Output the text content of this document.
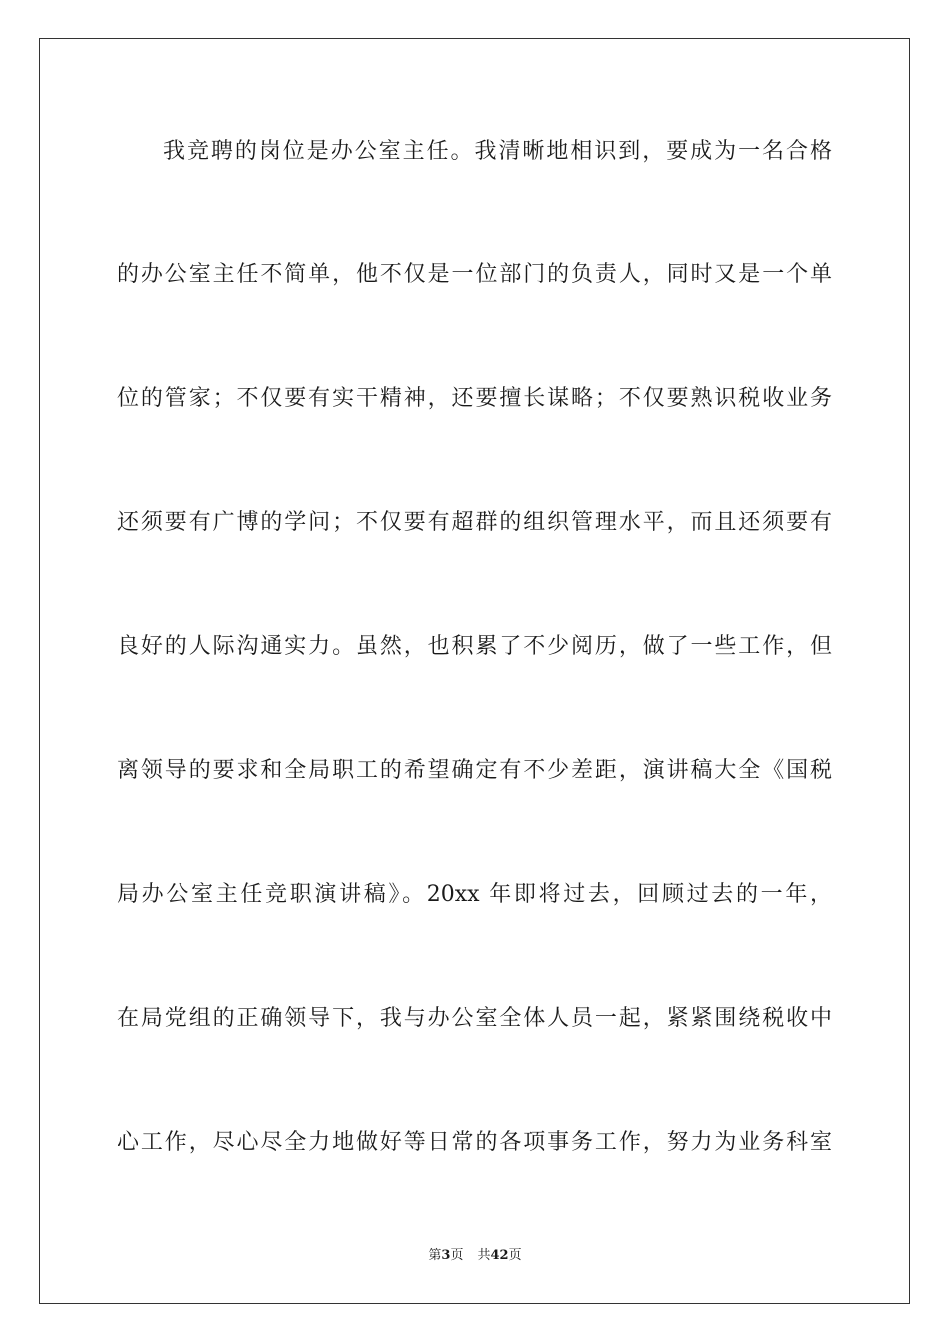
我竞聘的岗位是办公室主任。我清晰地相识到，要成为一名合格
的办公室主任不简单，他不仅是一位部门的负责人，同时又是一个单
位的管家；不仅要有实干精神，还要擅长谋略；不仅要熟识税收业务
还须要有广博的学问；不仅要有超群的组织管理水平，而且还须要有
良好的人际沟通实力。虽然，也积累了不少阅历，做了一些工作，但
离领导的要求和全局职工的希望确定有不少差距，演讲稿大全《国税
局办公室主任竞职演讲稿》。20xx 年即将过去，回顾过去的一年，
在局党组的正确领导下，我与办公室全体人员一起，紧紧围绕税收中
心工作，尽心尽全力地做好等日常的各项事务工作，努力为业务科室
第3页 共42页
